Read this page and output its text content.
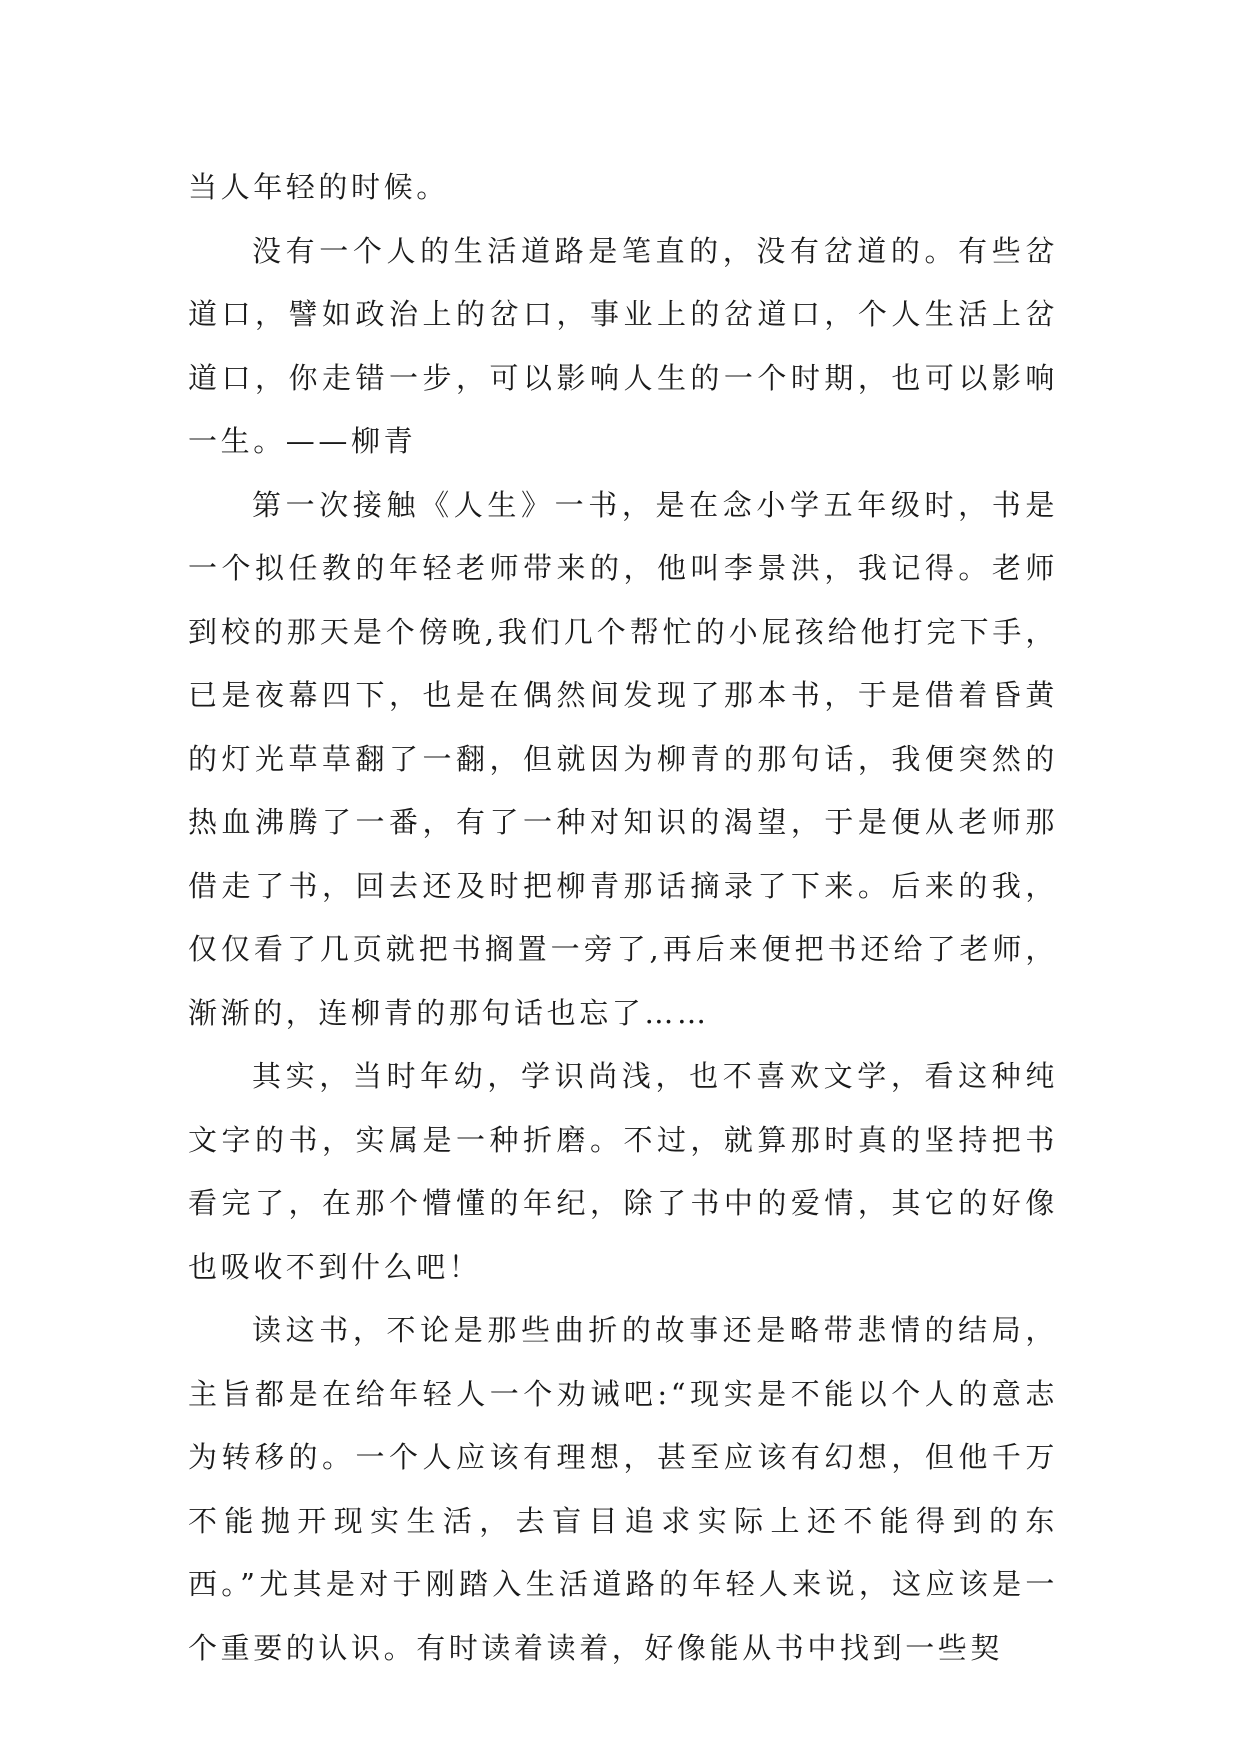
当人年轻的时候。

没有一个人的生活道路是笔直的，没有岔道的。有些岔道口，譬如政治上的岔口，事业上的岔道口，个人生活上岔道口，你走错一步，可以影响人生的一个时期，也可以影响一生。——柳青

第一次接触《人生》一书，是在念小学五年级时，书是一个拟任教的年轻老师带来的，他叫李景洪，我记得。老师到校的那天是个傍晚,我们几个帮忙的小屁孩给他打完下手，已是夜幕四下，也是在偶然间发现了那本书，于是借着昏黄的灯光草草翻了一翻，但就因为柳青的那句话，我便突然的热血沸腾了一番，有了一种对知识的渴望，于是便从老师那借走了书，回去还及时把柳青那话摘录了下来。后来的我，仅仅看了几页就把书搁置一旁了,再后来便把书还给了老师，渐渐的，连柳青的那句话也忘了……

其实，当时年幼，学识尚浅，也不喜欢文学，看这种纯文字的书，实属是一种折磨。不过，就算那时真的坚持把书看完了，在那个懵懂的年纪，除了书中的爱情，其它的好像也吸收不到什么吧！

读这书，不论是那些曲折的故事还是略带悲情的结局，主旨都是在给年轻人一个劝诫吧:“现实是不能以个人的意志为转移的。一个人应该有理想，甚至应该有幻想，但他千万不能抛开现实生活，去盲目追求实际上还不能得到的东西。”尤其是对于刚踏入生活道路的年轻人来说，这应该是一个重要的认识。有时读着读着，好像能从书中找到一些契
